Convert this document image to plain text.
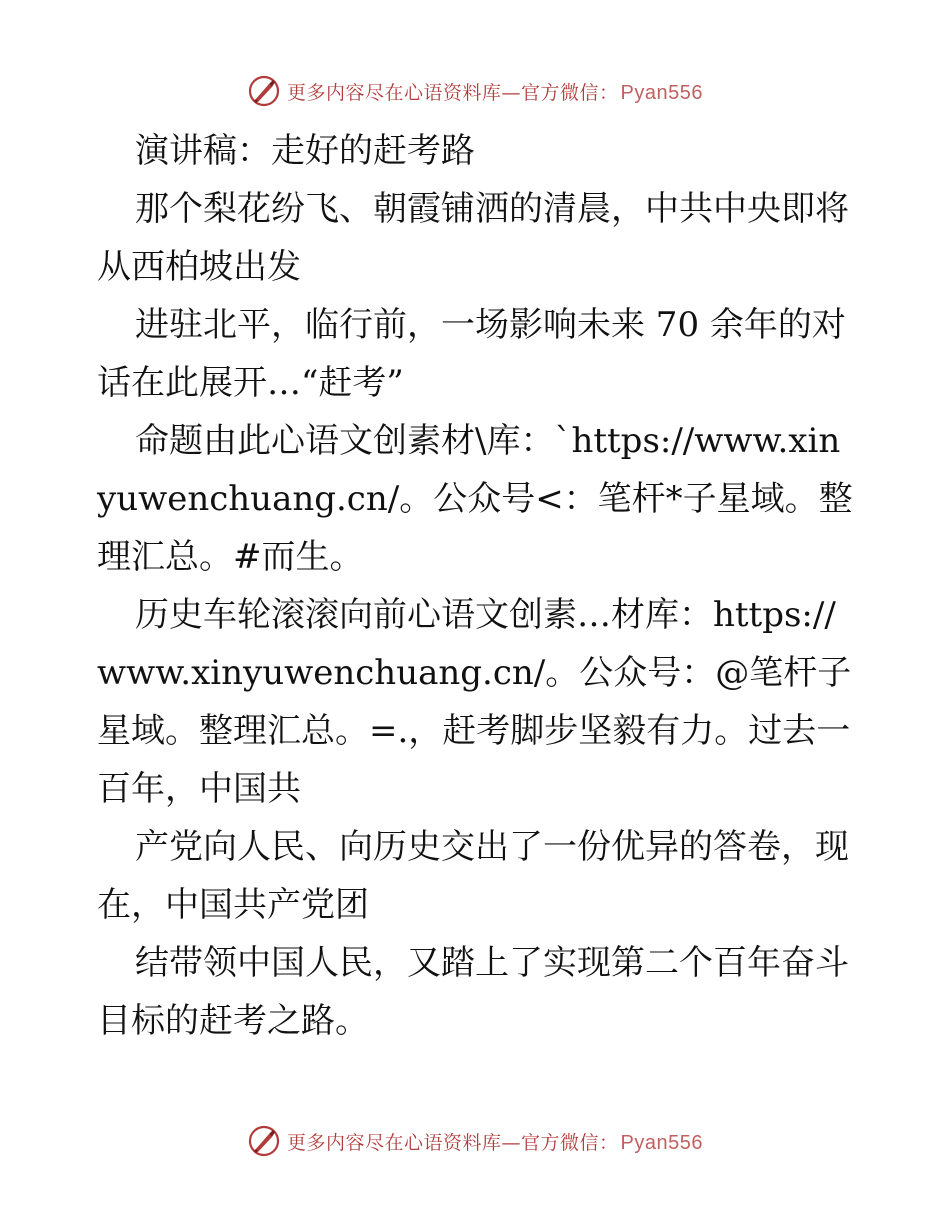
更多内容尽在心语资料库—官方微信： Pyan556

演讲稿：走好的赶考路

那个梨花纷飞、朝霞铺洒的清晨，中共中央即将从西柏坡出发

进驻北平，临行前，一场影响未来 70 余年的对话在此展开…“赶考”

命题由此心语文创素材\库：`https://www.xinyuwenchuang.cn/。公众号<：笔杆*子星域。整理汇总。#而生。

历史车轮滚滚向前心语文创素…材库：https://www.xinyuwenchuang.cn/。公众号：@笔杆子星域。整理汇总。=.，赶考脚步坚毅有力。过去一百年，中国共

产党向人民、向历史交出了一份优异的答卷，现在，中国共产党团

结带领中国人民，又踏上了实现第二个百年奋斗目标的赶考之路。

更多内容尽在心语资料库—官方微信： Pyan556
